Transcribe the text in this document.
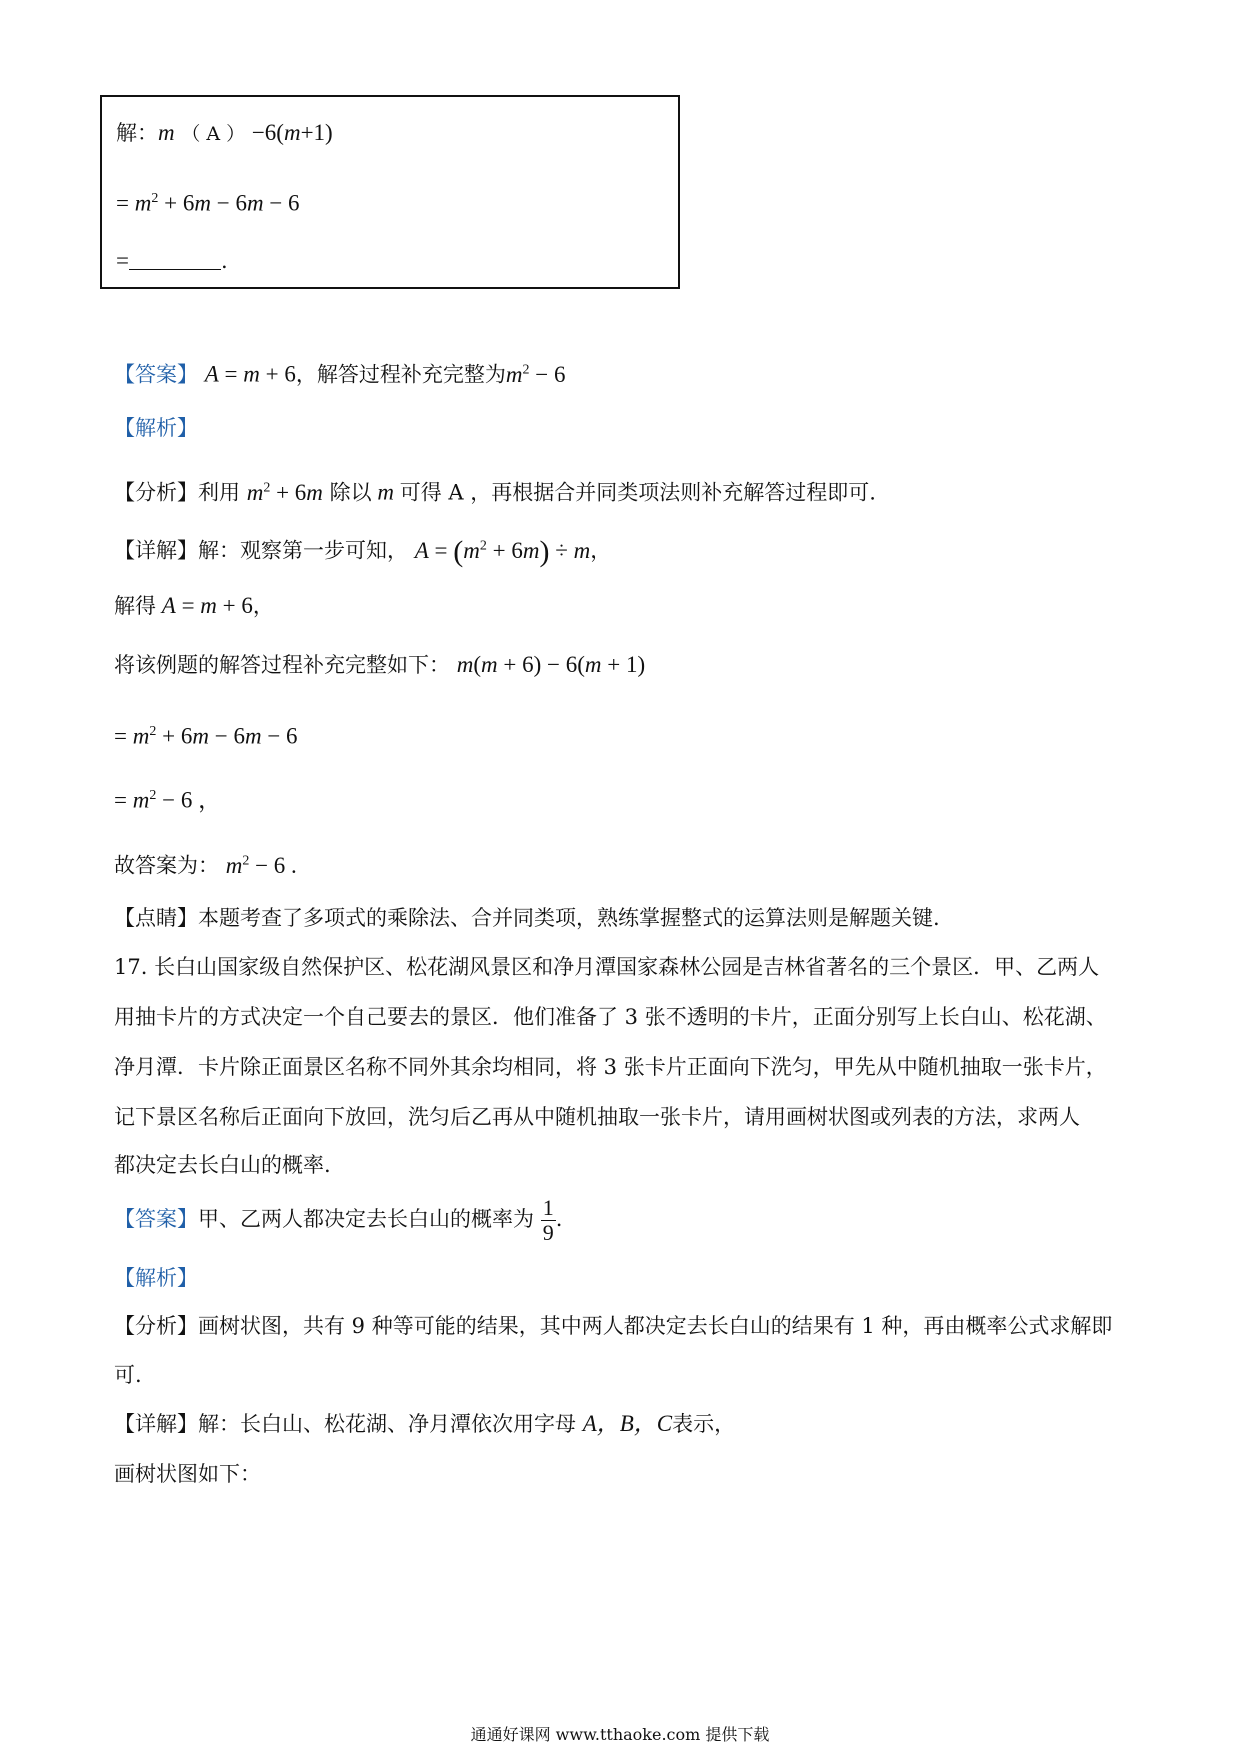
解：m （ A ） −6(m+1)
= $m^2 + 6m - 6m - 6$
=	.
【答案】 A = m + 6，解答过程补充完整为$m^2 - 6$
【解析】
【分析】利用 $m^2 + 6m$ 除以 m 可得 A ，再根据合并同类项法则补充解答过程即可.
【详解】解：观察第一步可知， $A = (m^2 + 6m) \div m$，
解得 A = m + 6，
将该例题的解答过程补充完整如下： m(m + 6) − 6(m + 1)
= $m^2 + 6m - 6m - 6$
= $m^2 - 6$ ，
故答案为： $m^2 - 6$ .
【点睛】本题考查了多项式的乘除法、合并同类项，熟练掌握整式的运算法则是解题关键.
17. 长白山国家级自然保护区、松花湖风景区和净月潭国家森林公园是吉林省著名的三个景区．甲、乙两人
用抽卡片的方式决定一个自己要去的景区．他们准备了 3 张不透明的卡片，正面分别写上长白山、松花湖、
净月潭．卡片除正面景区名称不同外其余均相同，将 3 张卡片正面向下洗匀，甲先从中随机抽取一张卡片，
记下景区名称后正面向下放回，洗匀后乙再从中随机抽取一张卡片，请用画树状图或列表的方法，求两人
都决定去长白山的概率.
【答案】甲、乙两人都决定去长白山的概率为 $\frac{1}{9}$ .
【解析】
【分析】画树状图，共有 9 种等可能的结果，其中两人都决定去长白山的结果有 1 种，再由概率公式求解即
可.
【详解】解：长白山、松花湖、净月潭依次用字母 A，B，C表示，
画树状图如下：
通通好课网 www.tthaoke.com 提供下载
